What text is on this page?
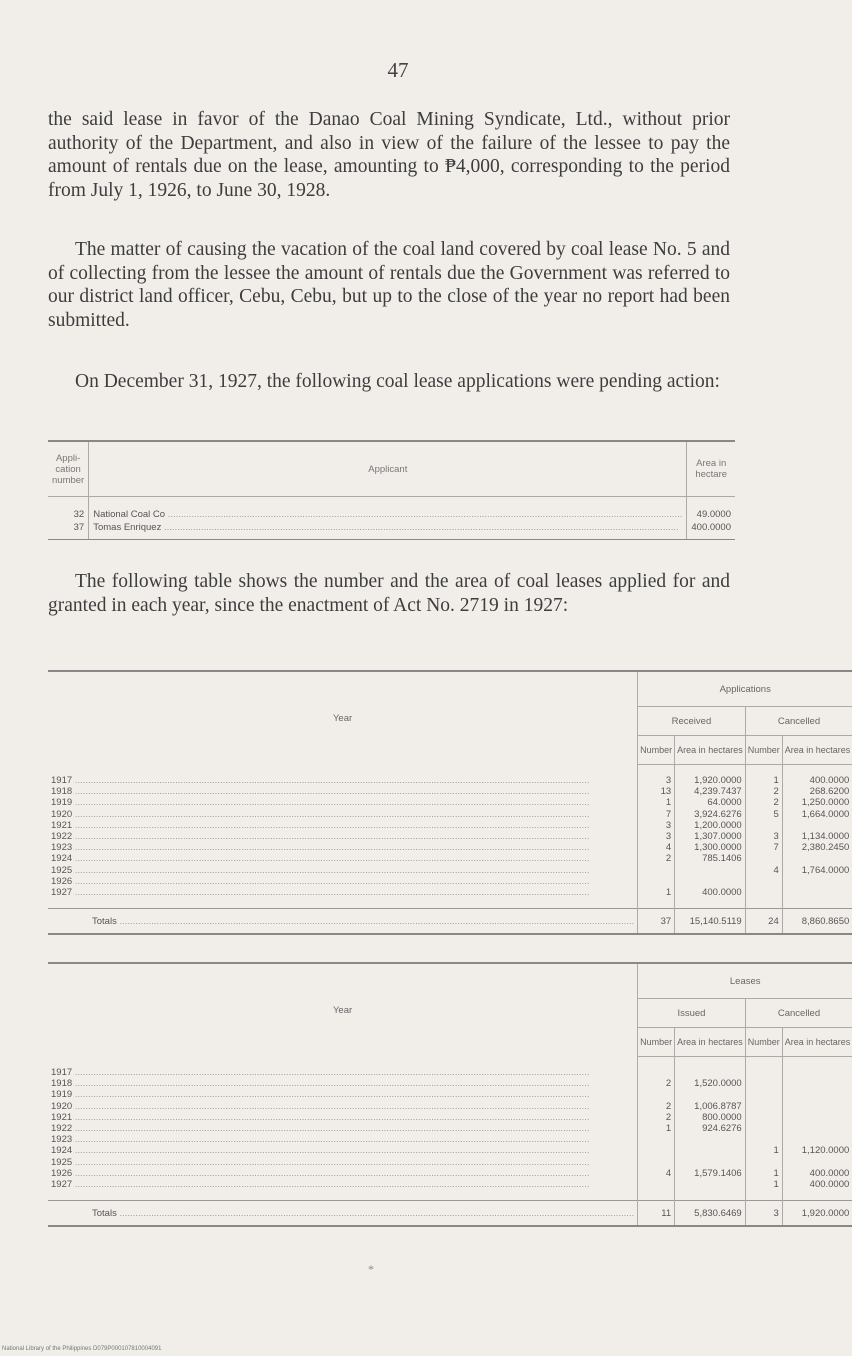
47

the said lease in favor of the Danao Coal Mining Syndicate, Ltd., without prior authority of the Department, and also in view of the failure of the lessee to pay the amount of rentals due on the lease, amounting to ₱4,000, corresponding to the period from July 1, 1926, to June 30, 1928.

The matter of causing the vacation of the coal land covered by coal lease No. 5 and of collecting from the lessee the amount of rentals due the Government was referred to our district land officer, Cebu, Cebu, but up to the close of the year no report had been submitted.

On December 31, 1927, the following coal lease applications were pending action:

Appli-cation number	Applicant	Area in hectare
32	National Coal Co .....	49.0000
37	Tomas Enriquez .....	400.0000

The following table shows the number and the area of coal leases applied for and granted in each year, since the enactment of Act No. 2719 in 1927:

Year	Applications			
	Received		Cancelled	
	Number	Area in hectares	Number	Area in hectares

1917 .....	3	1,920.0000	1	400.0000
1918 .....	13	4,239.7437	2	268.6200
1919 .....	1	64.0000	2	1,250.0000
1920 .....	7	3,924.6276	5	1,664.0000
1921 .....	3	1,200.0000		
1922 .....	3	1,307.0000	3	1,134.0000
1923 .....	4	1,300.0000	7	2,380.2450
1924 .....	2	785.1406		
1925 .....			4	1,764.0000
1926 .....				
1927 .....	1	400.0000		

Totals .....	37	15,140.5119	24	8,860.8650
Year	Leases			
	Issued		Cancelled	
	Number	Area in hectares	Number	Area in hectares

1917 .....				
1918 .....	2	1,520.0000		
1919 .....				
1920 .....	2	1,006.8787		
1921 .....	2	800.0000		
1922 .....	1	924.6276		
1923 .....				
1924 .....			1	1,120.0000
1925 .....				
1926 .....	4	1,579.1406	1	400.0000
1927 .....			1	400.0000

Totals .....	11	5,830.6469	3	1,920.0000
*
National Library of the Philippines D079P000107810004091
